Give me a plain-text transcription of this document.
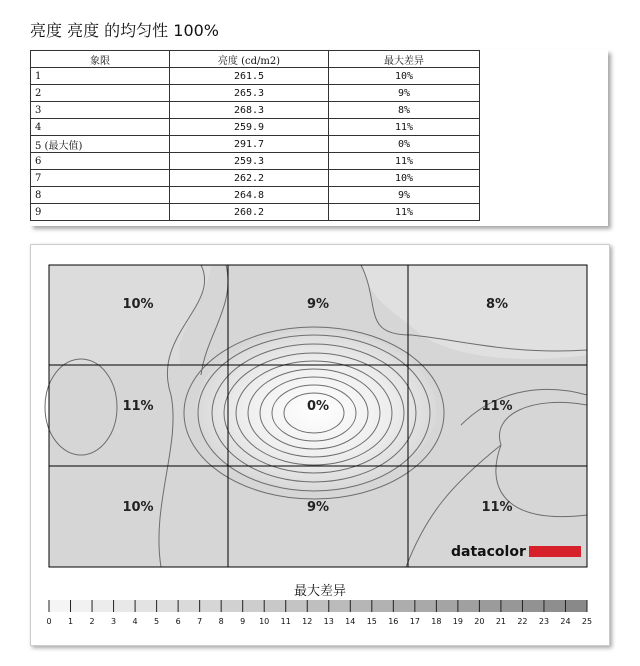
亮度 亮度 的均匀性 100%
象限	亮度 (cd/m2)	最大差异
1	261.5	10%
2	265.3	9%
3	268.3	8%
4	259.9	11%
5 (最大值)	291.7	0%
6	259.3	11%
7	262.2	10%
8	264.8	9%
9	260.2	11%
10%	9%	8%
11%	0%	11%
10%	9%	11%
datacolor
最大差异
0 1 2 3 4 5 6 7 8 9 10 11 12 13 14 15 16 17 18 19 20 21 22 23 24 25
